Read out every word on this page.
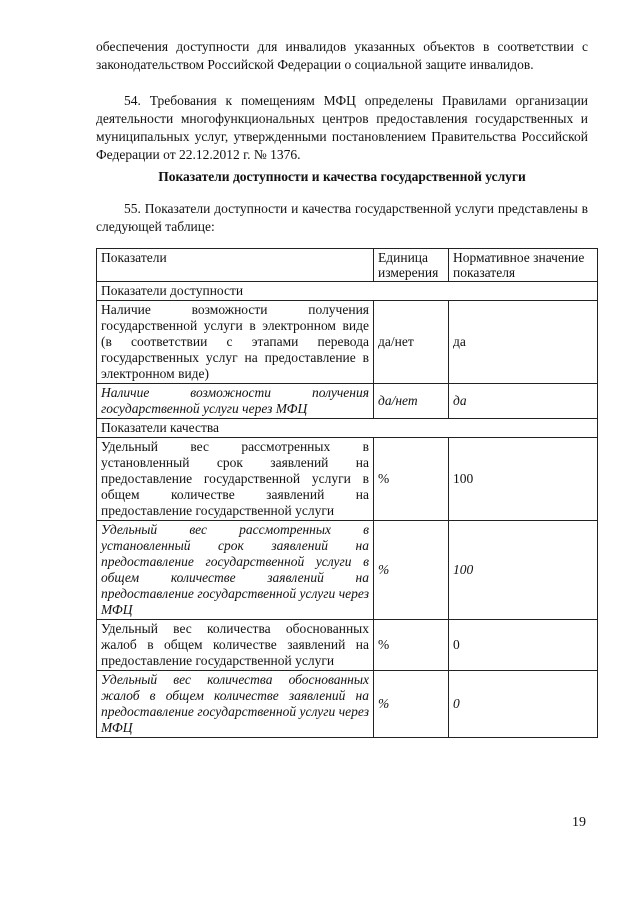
обеспечения доступности для инвалидов указанных объектов в соответствии с законодательством Российской Федерации о социальной защите инвалидов.
54. Требования к помещениям МФЦ определены Правилами организации деятельности многофункциональных центров предоставления государственных и муниципальных услуг, утвержденными постановлением Правительства Российской Федерации от 22.12.2012 г. № 1376.
Показатели доступности и качества государственной услуги
55. Показатели доступности и качества государственной услуги представлены в следующей таблице:
Показатели	Единица измерения	Нормативное значение показателя
Показатели доступности		
Наличие возможности получения государственной услуги в электронном виде (в соответствии с этапами перевода государственных услуг на предоставление в электронном виде)	да/нет	да
Наличие возможности получения государственной услуги через МФЦ	да/нет	да
Показатели качества		
Удельный вес рассмотренных в установленный срок заявлений на предоставление государственной услуги в общем количестве заявлений на предоставление государственной услуги	%	100
Удельный вес рассмотренных в установленный срок заявлений на предоставление государственной услуги в общем количестве заявлений на предоставление государственной услуги через МФЦ	%	100
Удельный вес количества обоснованных жалоб в общем количестве заявлений на предоставление государственной услуги	%	0
Удельный вес количества обоснованных жалоб в общем количестве заявлений на предоставление государственной услуги через МФЦ	%	0
19
